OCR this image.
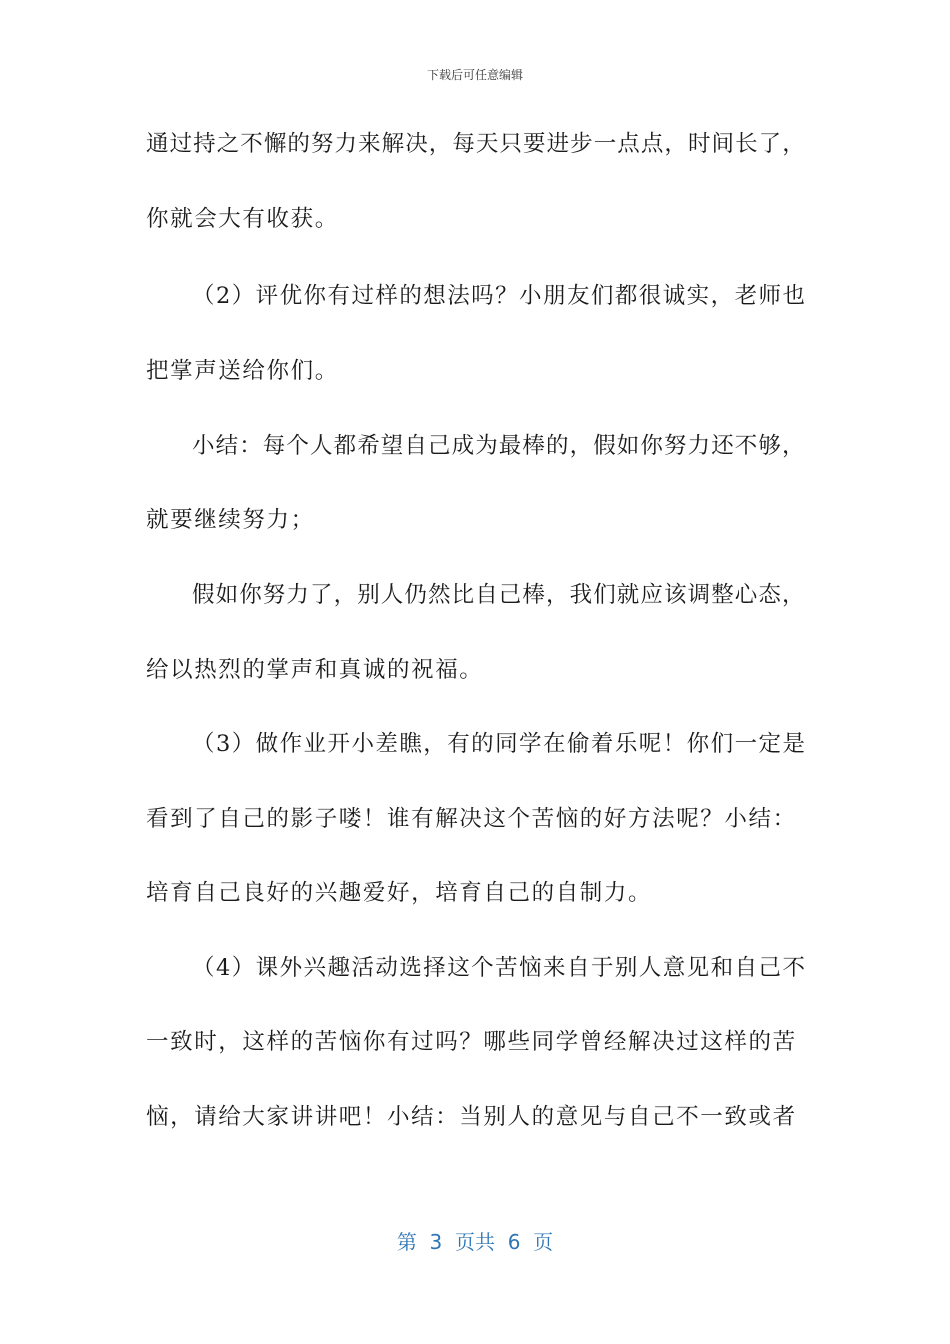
下载后可任意编辑
通过持之不懈的努力来解决，每天只要进步一点点，时间长了，
你就会大有收获。
（2）评优你有过样的想法吗？小朋友们都很诚实，老师也
把掌声送给你们。
小结：每个人都希望自己成为最棒的，假如你努力还不够，
就要继续努力；
假如你努力了，别人仍然比自己棒，我们就应该调整心态，
给以热烈的掌声和真诚的祝福。
（3）做作业开小差瞧，有的同学在偷着乐呢！你们一定是
看到了自己的影子喽！谁有解决这个苦恼的好方法呢？小结：
培育自己良好的兴趣爱好，培育自己的自制力。
（4）课外兴趣活动选择这个苦恼来自于别人意见和自己不
一致时，这样的苦恼你有过吗？哪些同学曾经解决过这样的苦
恼，请给大家讲讲吧！小结：当别人的意见与自己不一致或者
第  3  页共  6  页
